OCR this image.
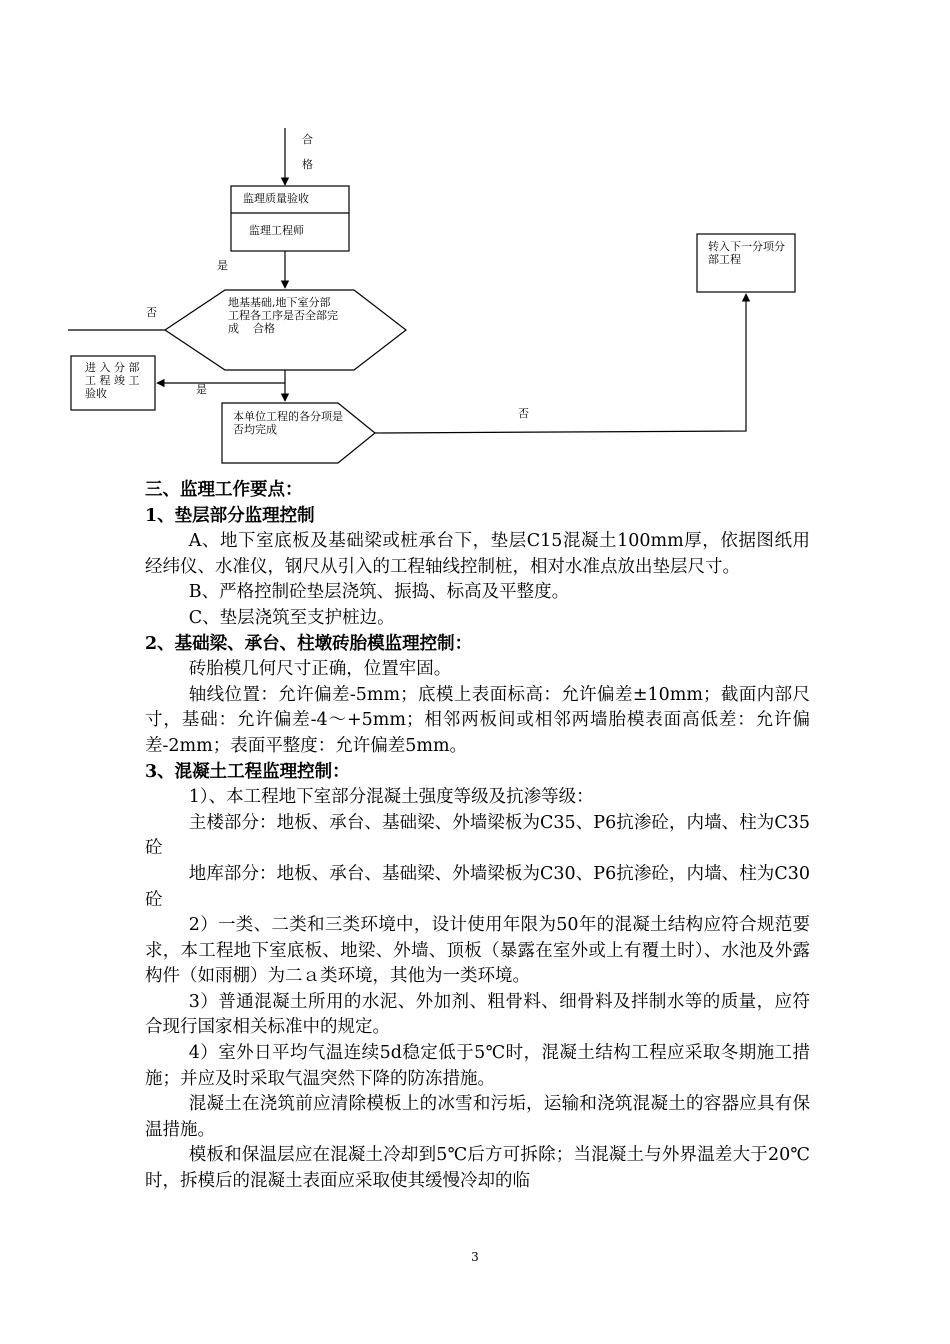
合
格
监理质量验收
监理工程师
是
否
地基基础,地下室分部
工程各工序是否全部完
成    合格
进 入 分 部
工 程 竣 工
验收	是
本单位工程的各分项是
否均完成
否
转入下一分项分
部工程
三、监理工作要点：
1、垫层部分监理控制

A、地下室底板及基础梁或桩承台下，垫层C15混凝土100mm厚，依据图纸用经纬仪、水准仪，钢尺从引入的工程轴线控制桩，相对水准点放出垫层尺寸。

B、严格控制砼垫层浇筑、振捣、标高及平整度。

C、垫层浇筑至支护桩边。

2、基础梁、承台、柱墩砖胎模监理控制：

砖胎模几何尺寸正确，位置牢固。

轴线位置：允许偏差-5mm；底模上表面标高：允许偏差±10mm；截面内部尺寸，基础：允许偏差-4～+5mm；相邻两板间或相邻两墙胎模表面高低差：允许偏差-2mm；表面平整度：允许偏差5mm。

3、混凝土工程监理控制：

1）、本工程地下室部分混凝土强度等级及抗渗等级：

主楼部分：地板、承台、基础梁、外墙梁板为C35、P6抗渗砼，内墙、柱为C35砼

地库部分：地板、承台、基础梁、外墙梁板为C30、P6抗渗砼，内墙、柱为C30砼

2）一类、二类和三类环境中，设计使用年限为50年的混凝土结构应符合规范要求，本工程地下室底板、地梁、外墙、顶板（暴露在室外或上有覆土时）、水池及外露构件（如雨棚）为二ａ类环境，其他为一类环境。

3）普通混凝土所用的水泥、外加剂、粗骨料、细骨料及拌制水等的质量，应符合现行国家相关标准中的规定。

4）室外日平均气温连续5d稳定低于5℃时，混凝土结构工程应采取冬期施工措施；并应及时采取气温突然下降的防冻措施。

混凝土在浇筑前应清除模板上的冰雪和污垢，运输和浇筑混凝土的容器应具有保温措施。

模板和保温层应在混凝土冷却到5℃后方可拆除；当混凝土与外界温差大于20℃时，拆模后的混凝土表面应采取使其缓慢冷却的临

3
